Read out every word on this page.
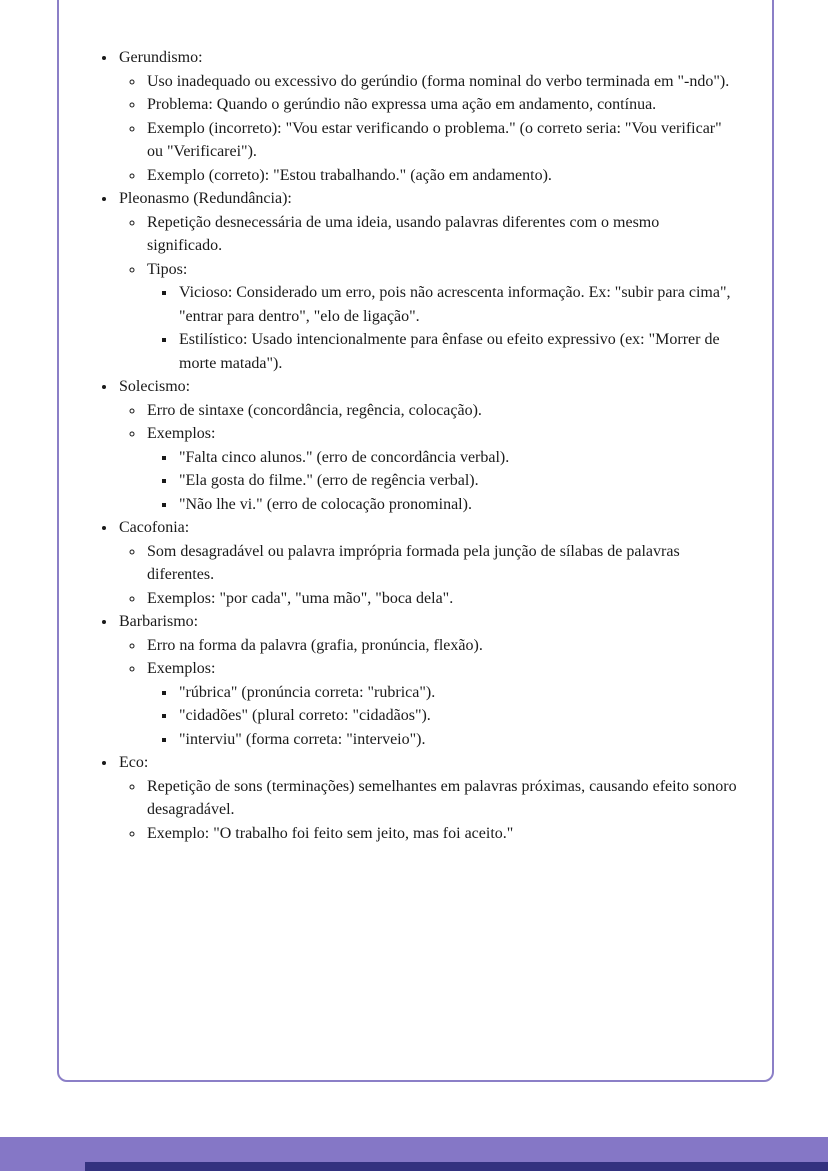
• Gerundismo:
◦ Uso inadequado ou excessivo do gerúndio (forma nominal do verbo terminada em "-ndo").
◦ Problema: Quando o gerúndio não expressa uma ação em andamento, contínua.
◦ Exemplo (incorreto): "Vou estar verificando o problema." (o correto seria: "Vou verificar" ou "Verificarei").
◦ Exemplo (correto): "Estou trabalhando." (ação em andamento).
• Pleonasmo (Redundância):
◦ Repetição desnecessária de uma ideia, usando palavras diferentes com o mesmo significado.
◦ Tipos:
▪ Vicioso: Considerado um erro, pois não acrescenta informação. Ex: "subir para cima", "entrar para dentro", "elo de ligação".
▪ Estilístico: Usado intencionalmente para ênfase ou efeito expressivo (ex: "Morrer de morte matada").
• Solecismo:
◦ Erro de sintaxe (concordância, regência, colocação).
◦ Exemplos:
▪ "Falta cinco alunos." (erro de concordância verbal).
▪ "Ela gosta do filme." (erro de regência verbal).
▪ "Não lhe vi." (erro de colocação pronominal).
• Cacofonia:
◦ Som desagradável ou palavra imprópria formada pela junção de sílabas de palavras diferentes.
◦ Exemplos: "por cada", "uma mão", "boca dela".
• Barbarismo:
◦ Erro na forma da palavra (grafia, pronúncia, flexão).
◦ Exemplos:
▪ "rúbrica" (pronúncia correta: "rubrica").
▪ "cidadões" (plural correto: "cidadãos").
▪ "interviu" (forma correta: "interveio").
• Eco:
◦ Repetição de sons (terminações) semelhantes em palavras próximas, causando efeito sonoro desagradável.
◦ Exemplo: "O trabalho foi feito sem jeito, mas foi aceito."
